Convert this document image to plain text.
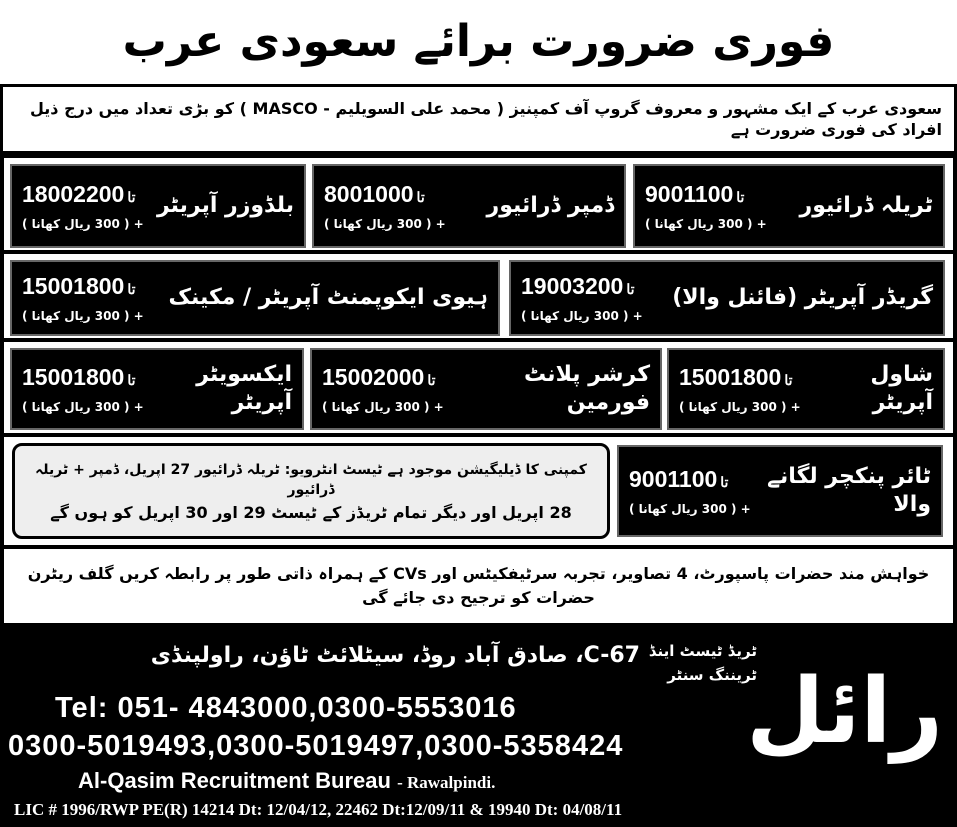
فوری ضرورت برائے سعودی عرب
سعودی عرب کے ایک مشہور و معروف گروپ آف کمپنیز ( محمد علی السویلیم - MASCO ) کو بڑی تعداد میں درج ذیل افراد کی فوری ضرورت ہے
900	تا1100
+ ( 300 ریال کھانا )
ٹریلہ ڈرائیور
800	تا1000
+ ( 300 ریال کھانا )
ڈمپر ڈرائیور
1800	تا2200
+ ( 300 ریال کھانا )
بلڈوزر آپریٹر
1900	تا3200
+ ( 300 ریال کھانا )
گریڈر آپریٹر (فائنل والا)
1500	تا1800
+ ( 300 ریال کھانا )
ہیوی ایکوپمنٹ آپریٹر / مکینک
1500	تا1800
+ ( 300 ریال کھانا )
شاول آپریٹر
1500	تا2000
+ ( 300 ریال کھانا )
کرشر پلانٹ فورمین
1500	تا1800
+ ( 300 ریال کھانا )
ایکسویٹر آپریٹر
900	تا1100
+ ( 300 ریال کھانا )
ٹائر پنکچر لگانے والا
کمپنی کا ڈیلیگیشن موجود ہے ٹیسٹ انٹرویو: ٹریلہ ڈرائیور 27 اپریل، ڈمپر + ٹریلہ ڈرائیور
28 اپریل اور دیگر تمام ٹریڈز کے ٹیسٹ 29 اور 30 اپریل کو ہوں گے
خواہش مند حضرات پاسپورٹ، 4 تصاویر، تجربہ سرٹیفکیٹس اور CVs کے ہمراہ ذاتی طور پر رابطہ کریں گلف ریٹرن حضرات کو ترجیح دی جائے گی
رائل
ٹریڈ ٹیسٹ اینڈ
ٹریننگ سنٹر
C-67، صادق آباد روڈ، سیٹلائٹ ٹاؤن، راولپنڈی
Tel: 051- 4843000,0300-5553016
0300-5019493,0300-5019497,0300-5358424
Al-Qasim Recruitment Bureau - Rawalpindi.
LIC # 1996/RWP PE(R) 14214 Dt: 12/04/12, 22462 Dt:12/09/11 & 19940 Dt: 04/08/11
